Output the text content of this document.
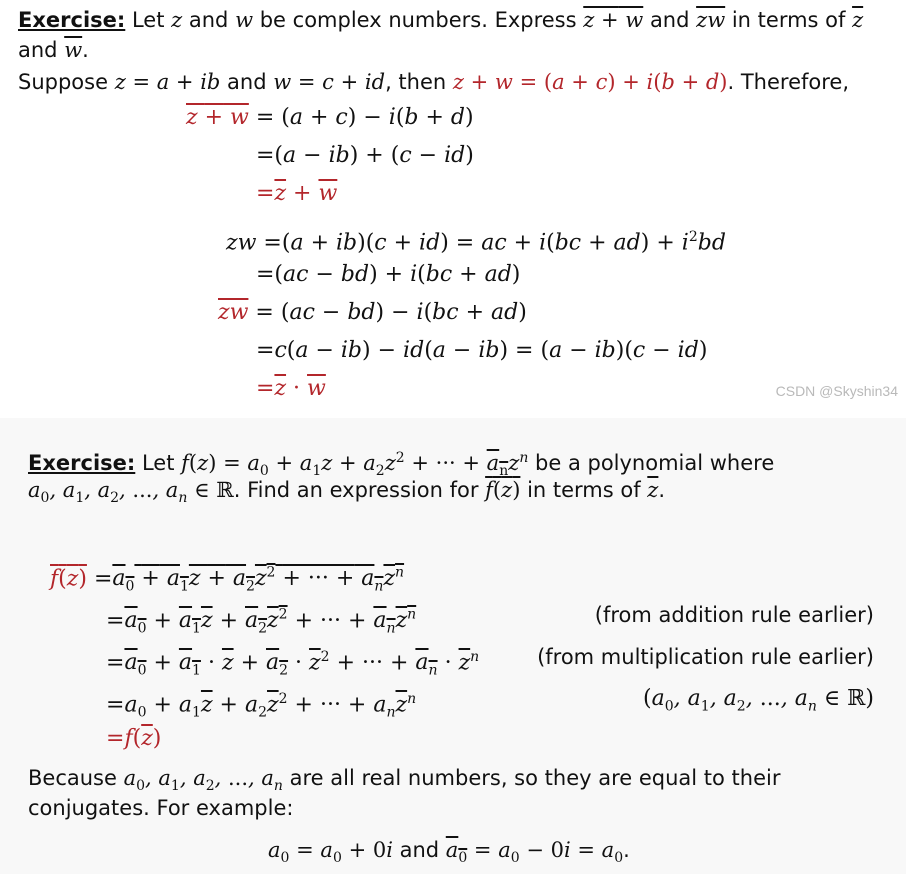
Exercise: Let z and w be complex numbers. Express z + w and $\overline{zw}$ in terms of $\overline{z}$
and $\overline{w}$.
Suppose z = a + ib and w = c + id, then z + w = (a + c) + i(b + d). Therefore,
z + w = (a + c) − i(b + d)
=(a − ib) + (c − id)
$=\overline{z} + \overline{w}$
zw =(a + ib)(c + id) = ac + $i(bc + ad) + i^2bd$
=(ac − bd) + i(bc + ad)
$\overline{zw} = (ac - bd) - i(bc + ad)$
=c(a − ib) − id(a − ib) = (a − ib)(c − id)
$=\overline{z} \cdot \overline{w}$	CSDN @Skyshin34
Exercise: Let $f(z) = a_0 + a_1z + a_2z^2$ + ··· + $a_nz^n$ be a polynomial where
$a_0$, $a_1$, $a_2$, ..., $a_n$ ∈ ℝ. Find an expression for f(z) in terms of $\overline{z}$.
$f(z) =a_0 + a_1z + a_2z^2$ + ··· + $a_nz^n$
$=a_0 + a_1z + a_2z^2$ + ··· + $a_nz^n$	(from addition rule earlier)
$=a_0 + a_1 \cdot \overline{z} + a_2 \cdot \overline{z}^2$ + ··· + $a_n \cdot \overline{z}^n$	(from multiplication rule earlier)
$=a_0 + a_1\overline{z} + a_2\overline{z}^2$ + ··· + $a_n\overline{z}^n$	($a_0$, $a_1$, $a_2$, ..., $a_n$ ∈ ℝ)
$=f(\overline{z})$
Because $a_0$, $a_1$, $a_2$, ..., $a_n$ are all real numbers, so they are equal to their
conjugates. For example:
$a_0 = a_0 + 0i$ and $a_0 = a_0 - 0i = a_0$.
